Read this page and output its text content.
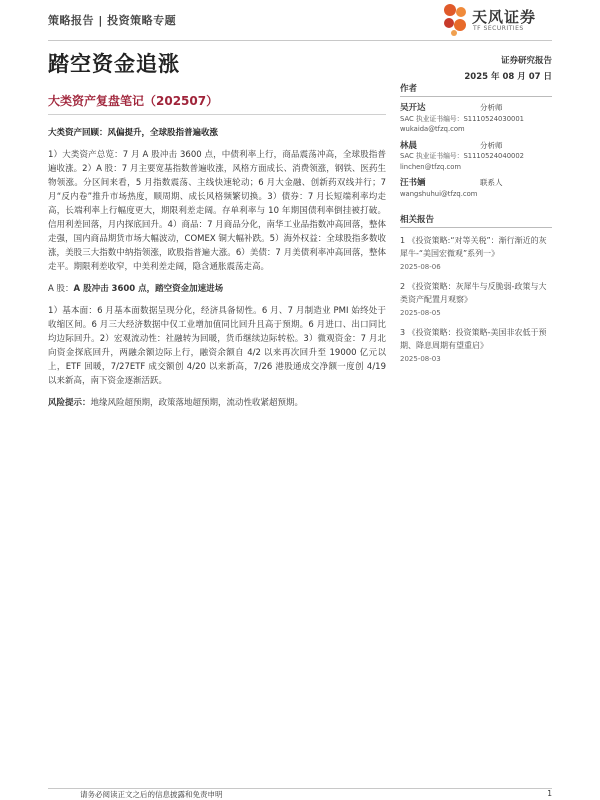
策略报告 | 投资策略专题	天风证券
TF SECURITIES
踏空资金追涨	证券研究报告
2025 年 08 月 07 日
大类资产复盘笔记（202507）

大类资产回顾：风偏提升，全球股指普遍收涨

1）大类资产总览：7 月 A 股冲击 3600 点，中债利率上行，商品震荡冲高，全球股指普遍收涨。2）A 股：7 月主要宽基指数普遍收涨，风格方面成长、消费领涨，钢铁、医药生物领涨。分区间来看，5 月指数震荡、主线快速轮动；6 月大金融、创新药双线并行；7 月“反内卷”推升市场热度，顺周期、成长风格频繁切换。3）债券：7 月长短端利率均走高，长端利率上行幅度更大，期限利差走阔。存单利率与 10 年期国债利率倒挂被打破。信用利差回落，月内探底回升。4）商品：7 月商品分化，南华工业品指数冲高回落，整体走强，国内商品期货市场大幅波动，COMEX 铜大幅补跌。5）海外权益：全球股指多数收涨，美股三大指数中纳指领涨，欧股指普遍大涨。6）美债：7 月美债利率冲高回落，整体走平。期限利差收窄，中美利差走阔，隐含通胀震荡走高。

A 股：A 股冲击 3600 点，踏空资金加速进场

1）基本面：6 月基本面数据呈现分化，经济具备韧性。6 月、7 月制造业 PMI 始终处于收缩区间。6 月三大经济数据中仅工业增加值同比回升且高于预期。6 月进口、出口同比均边际回升。2）宏观流动性：社融转为回暖，货币继续边际转松。3）微观资金：7 月北向资金探底回升，两融余额边际上行，融资余额自 4/2 以来再次回升至 19000 亿元以上，ETF 回暖，7/27ETF 成交额创 4/20 以来新高，7/26 港股通成交净额一度创 4/19 以来新高，南下资金逐渐活跃。

风险提示：地缘风险超预期，政策落地超预期，流动性收紧超预期。

作者
吴开达	分析师
SAC 执业证书编号：S1110524030001
wukaida@tfzq.com
林晨	分析师
SAC 执业证书编号：S1110524040002
linchen@tfzq.com
汪书婳	联系人
wangshuhui@tfzq.com
相关报告
1 《投资策略:“对等关税”：渐行渐近的灰犀牛-“美国宏微观”系列一》
2025-08-06
2 《投资策略：灰犀牛与反脆弱-政策与大类资产配置月观察》
2025-08-05
3 《投资策略：投资策略-美国非农低于预期、降息周期有望重启》
2025-08-03
请务必阅读正文之后的信息披露和免责申明	1
